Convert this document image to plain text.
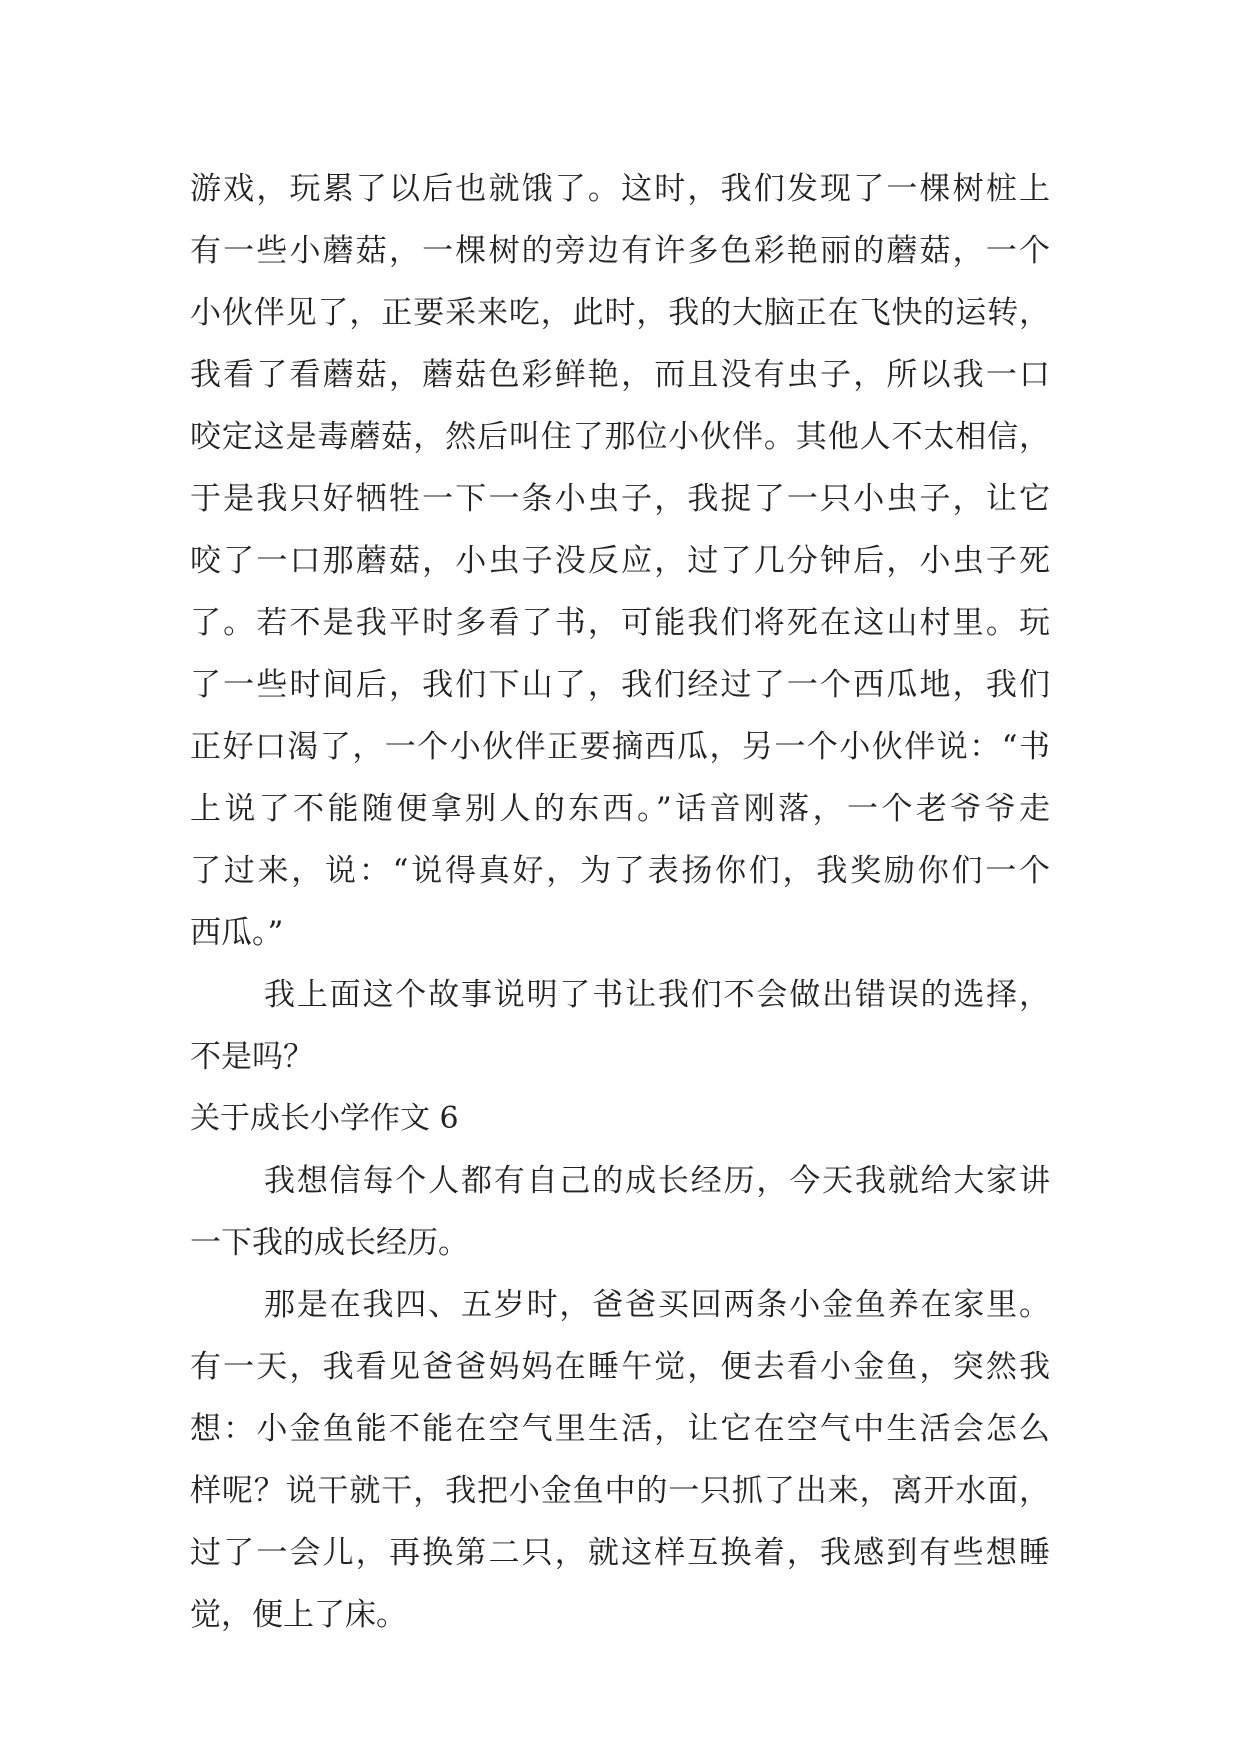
游戏，玩累了以后也就饿了。这时，我们发现了一棵树桩上
有一些小蘑菇，一棵树的旁边有许多色彩艳丽的蘑菇，一个
小伙伴见了，正要采来吃，此时，我的大脑正在飞快的运转，
我看了看蘑菇，蘑菇色彩鲜艳，而且没有虫子，所以我一口
咬定这是毒蘑菇，然后叫住了那位小伙伴。其他人不太相信，
于是我只好牺牲一下一条小虫子，我捉了一只小虫子，让它
咬了一口那蘑菇，小虫子没反应，过了几分钟后，小虫子死
了。若不是我平时多看了书，可能我们将死在这山村里。玩
了一些时间后，我们下山了，我们经过了一个西瓜地，我们
正好口渴了，一个小伙伴正要摘西瓜，另一个小伙伴说：“书
上说了不能随便拿别人的东西。”话音刚落，一个老爷爷走
了过来，说：“说得真好，为了表扬你们，我奖励你们一个
西瓜。”
我上面这个故事说明了书让我们不会做出错误的选择，
不是吗？
关于成长小学作文 6
我想信每个人都有自己的成长经历，今天我就给大家讲
一下我的成长经历。
那是在我四、五岁时，爸爸买回两条小金鱼养在家里。
有一天，我看见爸爸妈妈在睡午觉，便去看小金鱼，突然我
想：小金鱼能不能在空气里生活，让它在空气中生活会怎么
样呢？说干就干，我把小金鱼中的一只抓了出来，离开水面，
过了一会儿，再换第二只，就这样互换着，我感到有些想睡
觉，便上了床。
